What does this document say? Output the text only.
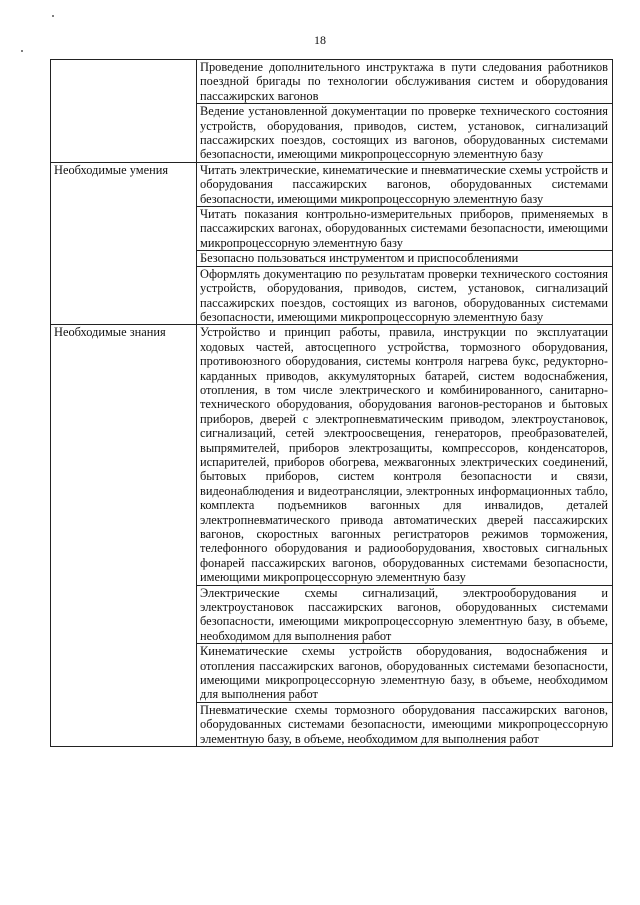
18
	Проведение дополнительного инструктажа в пути следования работников поездной бригады по технологии обслуживания систем и оборудования пассажирских вагонов
	Ведение установленной документации по проверке технического состояния устройств, оборудования, приводов, систем, установок, сигнализаций пассажирских поездов, состоящих из вагонов, оборудованных системами безопасности, имеющими микропроцессорную элементную базу
Необходимые умения	Читать электрические, кинематические и пневматические схемы устройств и оборудования пассажирских вагонов, оборудованных системами безопасности, имеющими микропроцессорную элементную базу
	Читать показания контрольно-измерительных приборов, применяемых в пассажирских вагонах, оборудованных системами безопасности, имеющими микропроцессорную элементную базу
	Безопасно пользоваться инструментом и приспособлениями
	Оформлять документацию по результатам проверки технического состояния устройств, оборудования, приводов, систем, установок, сигнализаций пассажирских поездов, состоящих из вагонов, оборудованных системами безопасности, имеющими микропроцессорную элементную базу
Необходимые знания	Устройство и принцип работы, правила, инструкции по эксплуатации ходовых частей, автосцепного устройства, тормозного оборудования, противоюзного оборудования, системы контроля нагрева букс, редукторно-карданных приводов, аккумуляторных батарей, систем водоснабжения, отопления, в том числе электрического и комбинированного, санитарно-технического оборудования, оборудования вагонов-ресторанов и бытовых приборов, дверей с электропневматическим приводом, электроустановок, сигнализаций, сетей электроосвещения, генераторов, преобразователей, выпрямителей, приборов электрозащиты, компрессоров, конденсаторов, испарителей, приборов обогрева, межвагонных электрических соединений, бытовых приборов, систем контроля безопасности и связи, видеонаблюдения и видеотрансляции, электронных информационных табло, комплекта подъемников вагонных для инвалидов, деталей электропневматического привода автоматических дверей пассажирских вагонов, скоростных вагонных регистраторов режимов торможения, телефонного оборудования и радиооборудования, хвостовых сигнальных фонарей пассажирских вагонов, оборудованных системами безопасности, имеющими микропроцессорную элементную базу
	Электрические схемы сигнализаций, электрооборудования и электроустановок пассажирских вагонов, оборудованных системами безопасности, имеющими микропроцессорную элементную базу, в объеме, необходимом для выполнения работ
	Кинематические схемы устройств оборудования, водоснабжения и отопления пассажирских вагонов, оборудованных системами безопасности, имеющими микропроцессорную элементную базу, в объеме, необходимом для выполнения работ
	Пневматические схемы тормозного оборудования пассажирских вагонов, оборудованных системами безопасности, имеющими микропроцессорную элементную базу, в объеме, необходимом для выполнения работ
